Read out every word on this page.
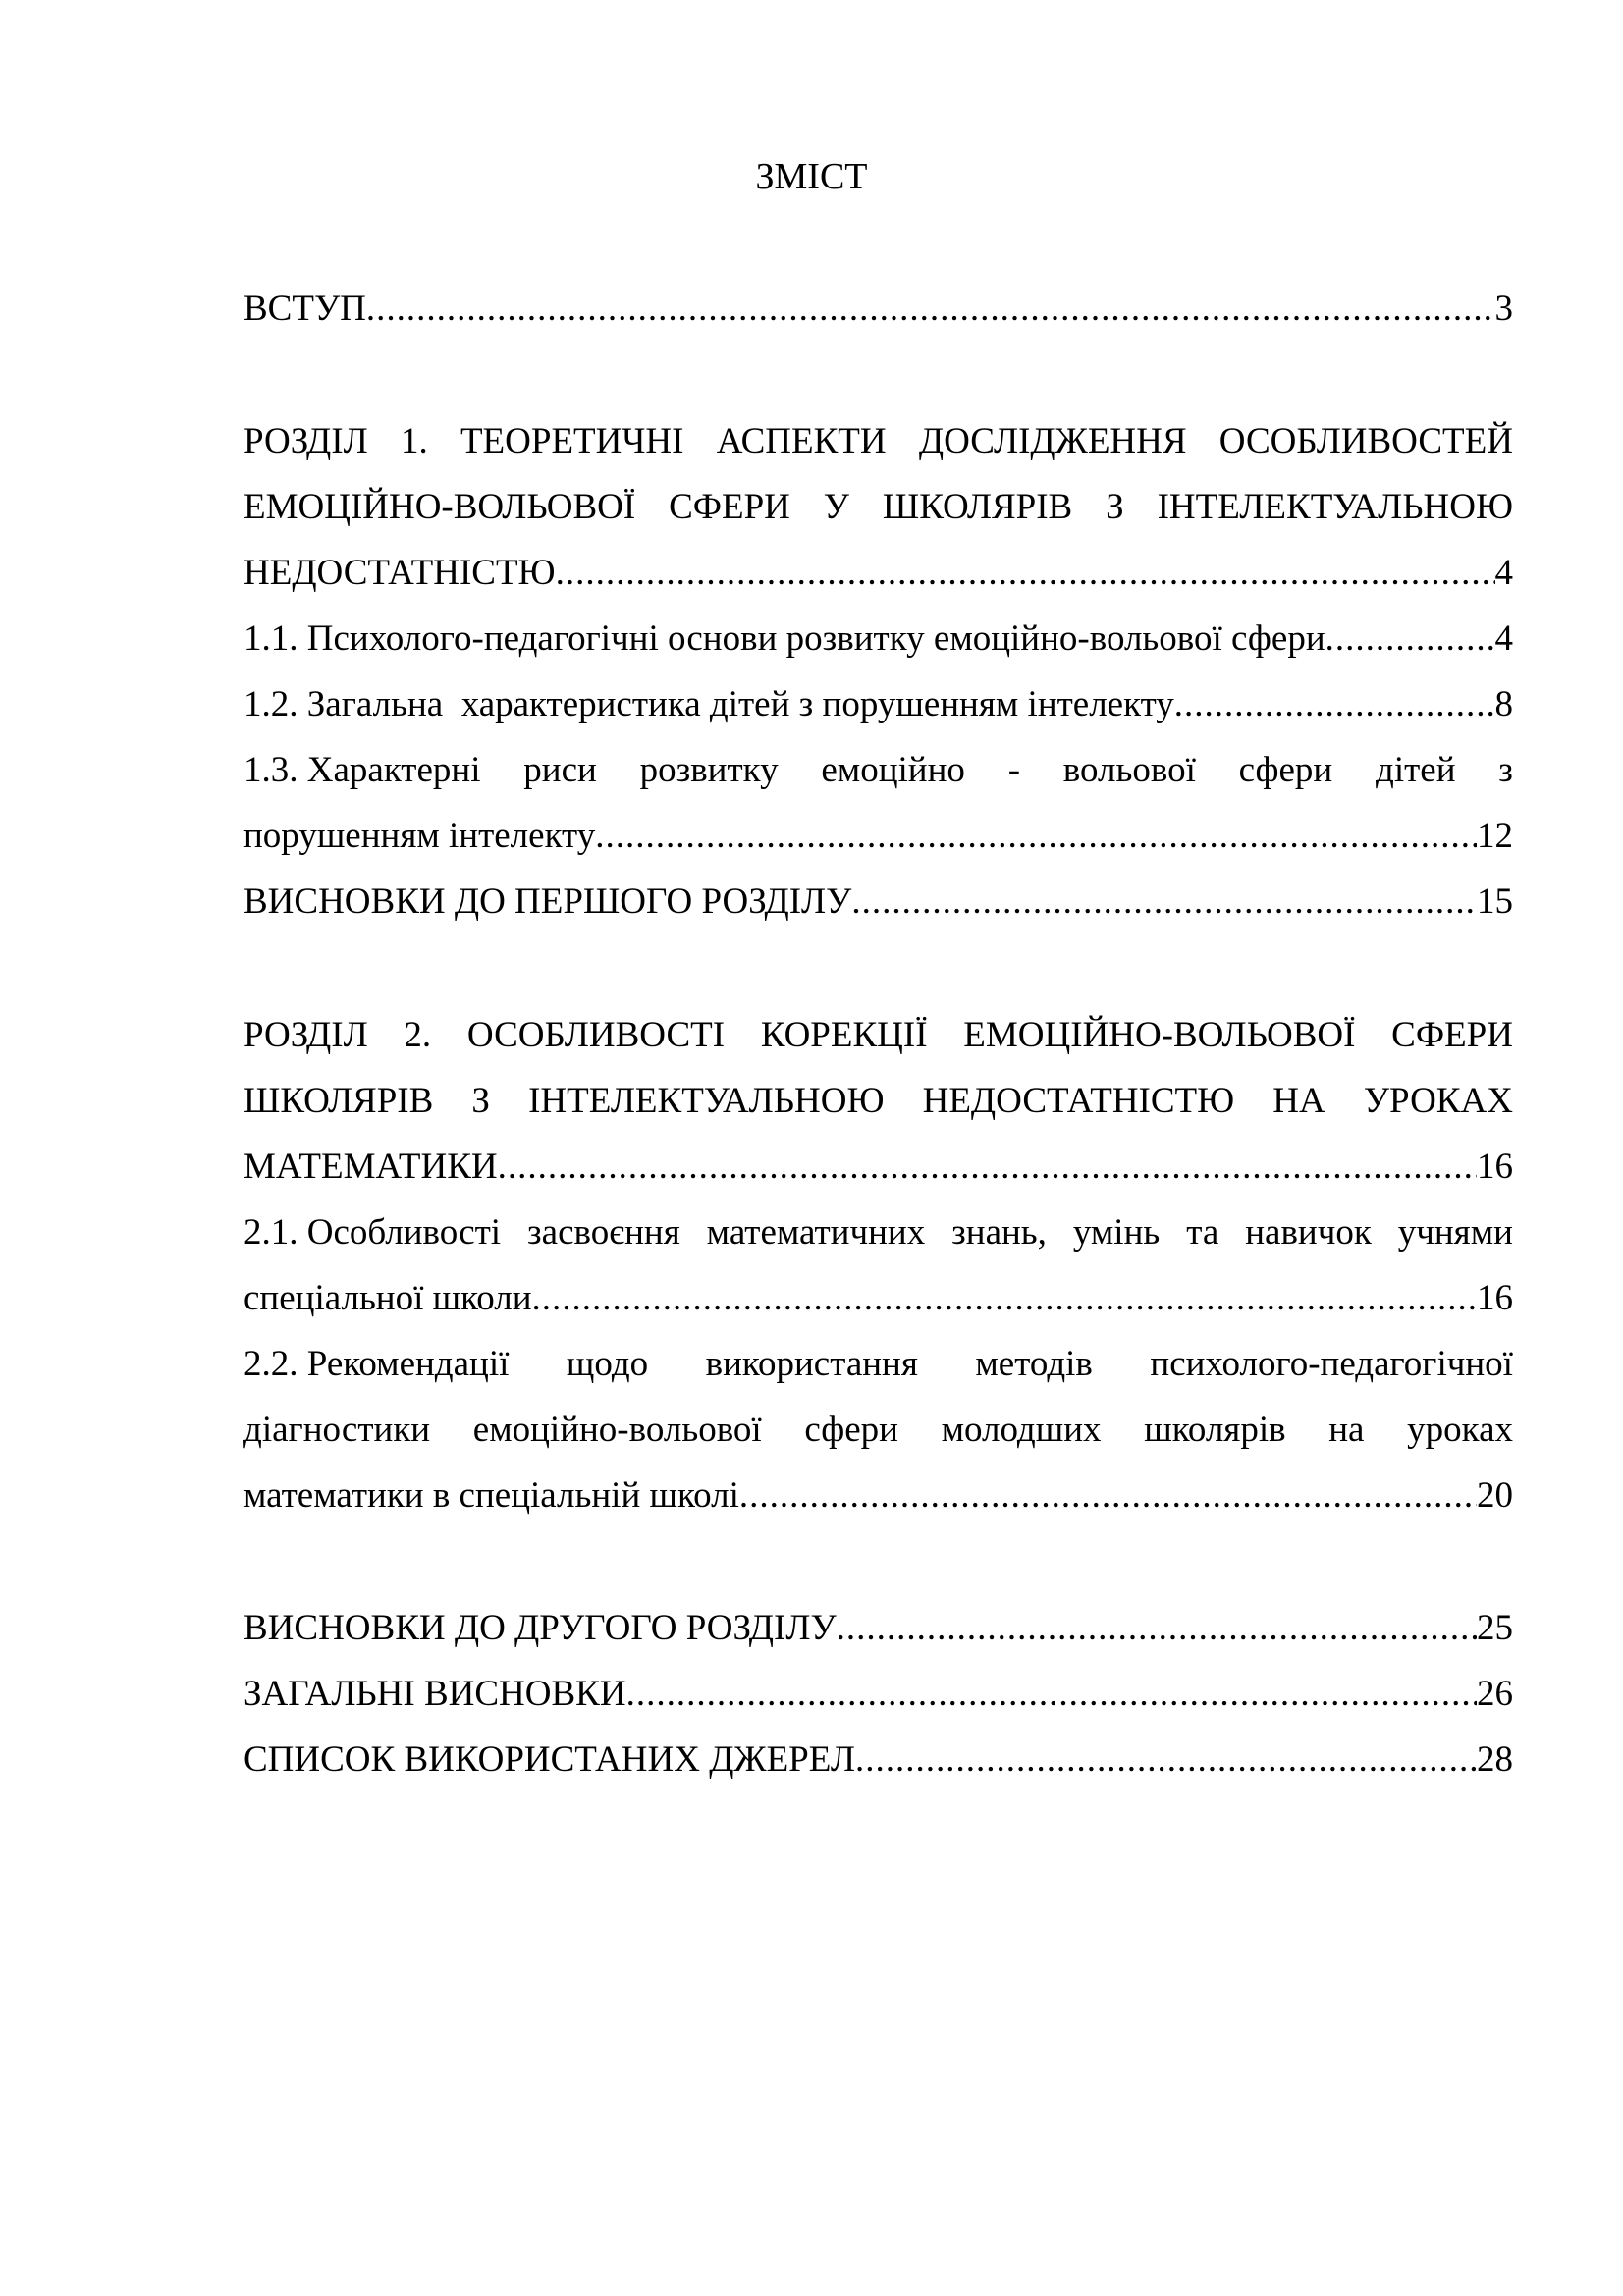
ЗМІСТ
ВСТУП .....	3
РОЗДІЛ 1. ТЕОРЕТИЧНІ АСПЕКТИ ДОСЛІДЖЕННЯ ОСОБЛИВОСТЕЙ
ЕМОЦІЙНО-ВОЛЬОВОЇ СФЕРИ У ШКОЛЯРІВ З ІНТЕЛЕКТУАЛЬНОЮ
НЕДОСТАТНІСТЮ .....	4
1.1. Психолого-педагогічні основи розвитку емоційно-вольової сфери .....	4
1.2. Загальна  характеристика дітей з порушенням інтелекту .....	8
1.3. Характерні риси розвитку емоційно - вольової сфери дітей з
порушенням інтелекту .....	12
ВИСНОВКИ ДО ПЕРШОГО РОЗДІЛУ .....	15
РОЗДІЛ 2. ОСОБЛИВОСТІ КОРЕКЦІЇ ЕМОЦІЙНО-ВОЛЬОВОЇ СФЕРИ
ШКОЛЯРІВ З ІНТЕЛЕКТУАЛЬНОЮ НЕДОСТАТНІСТЮ НА УРОКАХ
МАТЕМАТИКИ .....	16
2.1. Особливості засвоєння математичних знань, умінь та навичок учнями
спеціальної школи .....	16
2.2. Рекомендації щодо використання методів психолого-педагогічної
діагностики емоційно-вольової сфери молодших школярів на уроках
математики в спеціальній школі .....	20
ВИСНОВКИ ДО ДРУГОГО РОЗДІЛУ .....	25
ЗАГАЛЬНІ ВИСНОВКИ .....	26
СПИСОК ВИКОРИСТАНИХ ДЖЕРЕЛ .....	28
